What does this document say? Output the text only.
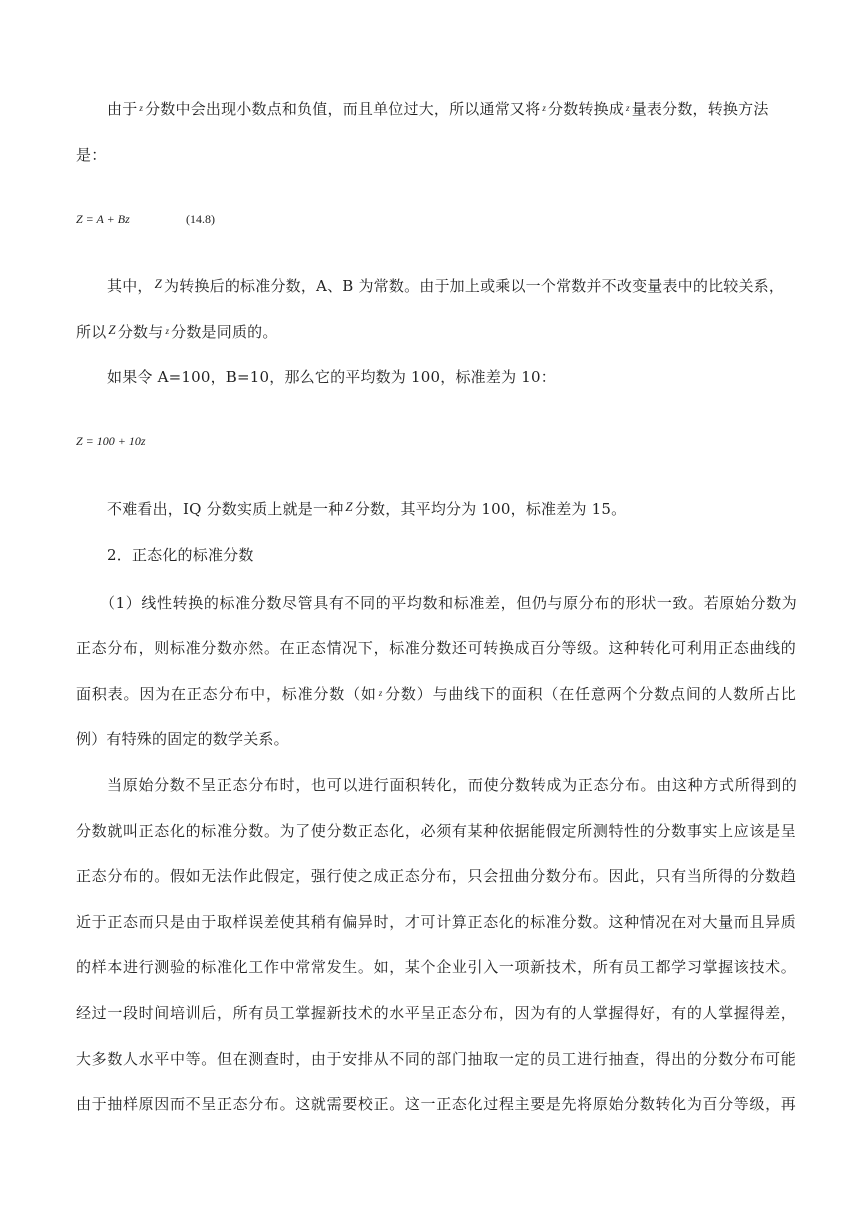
由于 $^z$ 分数中会出现小数点和负值，而且单位过大，所以通常又将 $^z$ 分数转换成 $^z$ 量表分数，转换方法
是：
Z = A + Bz	(14.8)
其中， Z 为转换后的标准分数，A、B 为常数。由于加上或乘以一个常数并不改变量表中的比较关系，
所以 Z 分数与 $^z$ 分数是同质的。
如果令 A=100，B=10，那么它的平均数为 100，标准差为 10：
Z = 100 + 10z
不难看出，IQ 分数实质上就是一种 Z 分数，其平均分为 100，标准差为 15。
2．正态化的标准分数
（1）线性转换的标准分数尽管具有不同的平均数和标准差，但仍与原分布的形状一致。若原始分数为
正态分布，则标准分数亦然。在正态情况下，标准分数还可转换成百分等级。这种转化可利用正态曲线的
面积表。因为在正态分布中，标准分数（如 $^z$ 分数）与曲线下的面积（在任意两个分数点间的人数所占比
例）有特殊的固定的数学关系。
当原始分数不呈正态分布时，也可以进行面积转化，而使分数转成为正态分布。由这种方式所得到的
分数就叫正态化的标准分数。为了使分数正态化，必须有某种依据能假定所测特性的分数事实上应该是呈
正态分布的。假如无法作此假定，强行使之成正态分布，只会扭曲分数分布。因此，只有当所得的分数趋
近于正态而只是由于取样误差使其稍有偏异时，才可计算正态化的标准分数。这种情况在对大量而且异质
的样本进行测验的标准化工作中常常发生。如，某个企业引入一项新技术，所有员工都学习掌握该技术。
经过一段时间培训后，所有员工掌握新技术的水平呈正态分布，因为有的人掌握得好，有的人掌握得差，
大多数人水平中等。但在测查时，由于安排从不同的部门抽取一定的员工进行抽查，得出的分数分布可能
由于抽样原因而不呈正态分布。这就需要校正。这一正态化过程主要是先将原始分数转化为百分等级，再
